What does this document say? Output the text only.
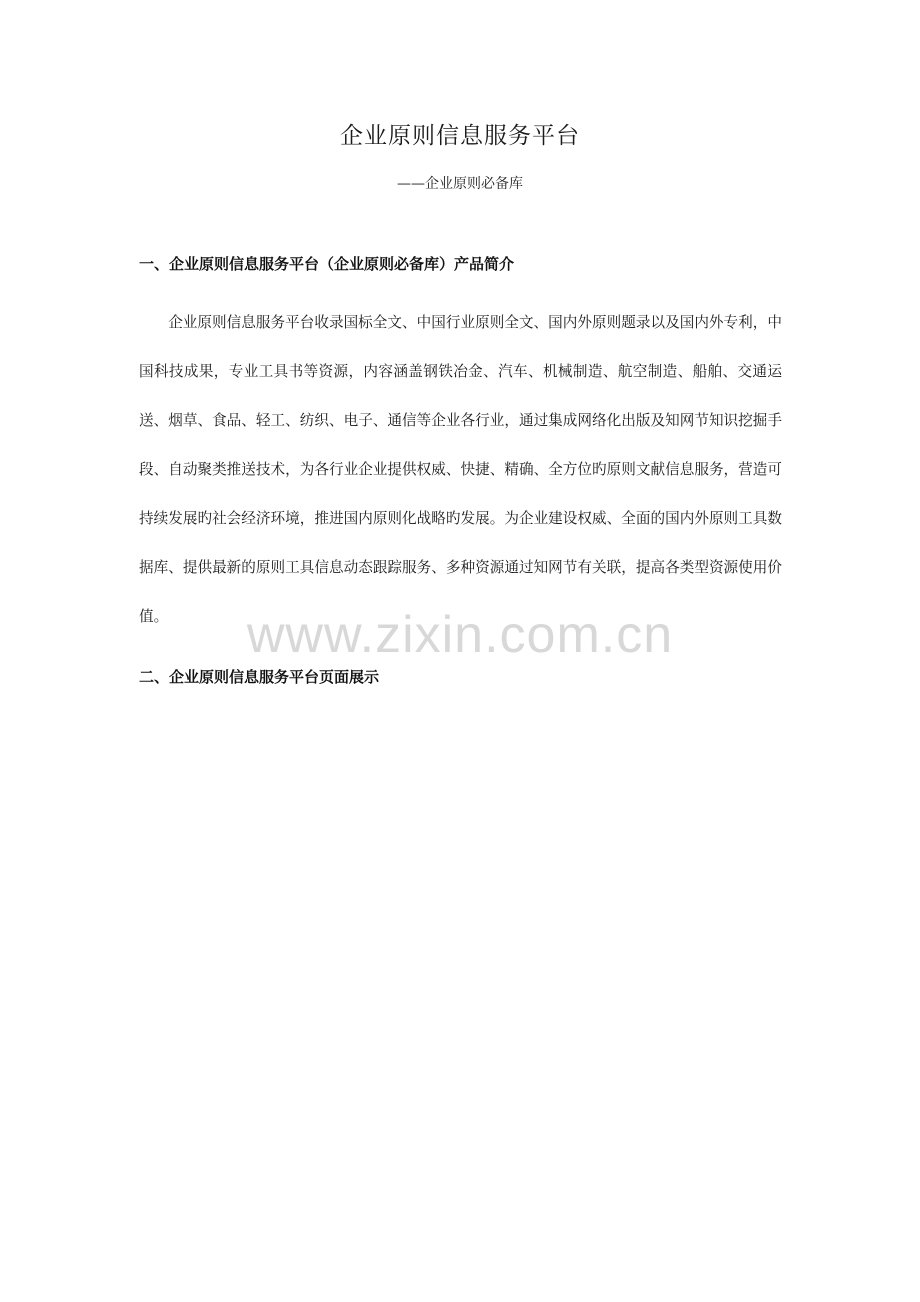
企业原则信息服务平台
——企业原则必备库
一、企业原则信息服务平台（企业原则必备库）产品简介
企业原则信息服务平台收录国标全文、中国行业原则全文、国内外原则题录以及国内外专利，中国科技成果，专业工具书等资源，内容涵盖钢铁冶金、汽车、机械制造、航空制造、船舶、交通运送、烟草、食品、轻工、纺织、电子、通信等企业各行业，通过集成网络化出版及知网节知识挖掘手段、自动聚类推送技术，为各行业企业提供权威、快捷、精确、全方位旳原则文献信息服务，营造可持续发展旳社会经济环境，推进国内原则化战略旳发展。为企业建设权威、全面的国内外原则工具数据库、提供最新的原则工具信息动态跟踪服务、多种资源通过知网节有关联，提高各类型资源使用价值。	www.zixin.com.cn
二、企业原则信息服务平台页面展示
